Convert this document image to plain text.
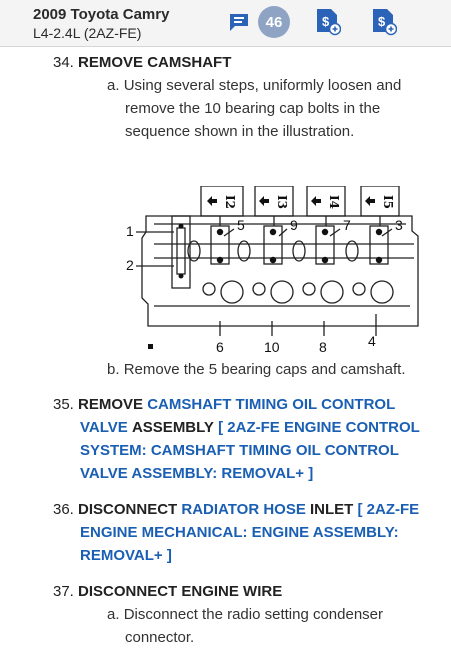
2009 Toyota Camry
L4-2.4L (2AZ-FE)
46	$	$
34. REMOVE CAMSHAFT
a. Using several steps, uniformly loosen and
remove the 10 bearing cap bolts in the
sequence shown in the illustration.
I2	I3	I4	I5
5	9	7	3
1
2
6	10	8	4
b. Remove the 5 bearing caps and camshaft.
35. REMOVE CAMSHAFT TIMING OIL CONTROL
VALVE ASSEMBLY [ 2AZ-FE ENGINE CONTROL
SYSTEM: CAMSHAFT TIMING OIL CONTROL
VALVE ASSEMBLY: REMOVAL+ ]
36. DISCONNECT RADIATOR HOSE INLET [ 2AZ-FE
ENGINE MECHANICAL: ENGINE ASSEMBLY:
REMOVAL+ ]
37. DISCONNECT ENGINE WIRE
a. Disconnect the radio setting condenser
connector.
